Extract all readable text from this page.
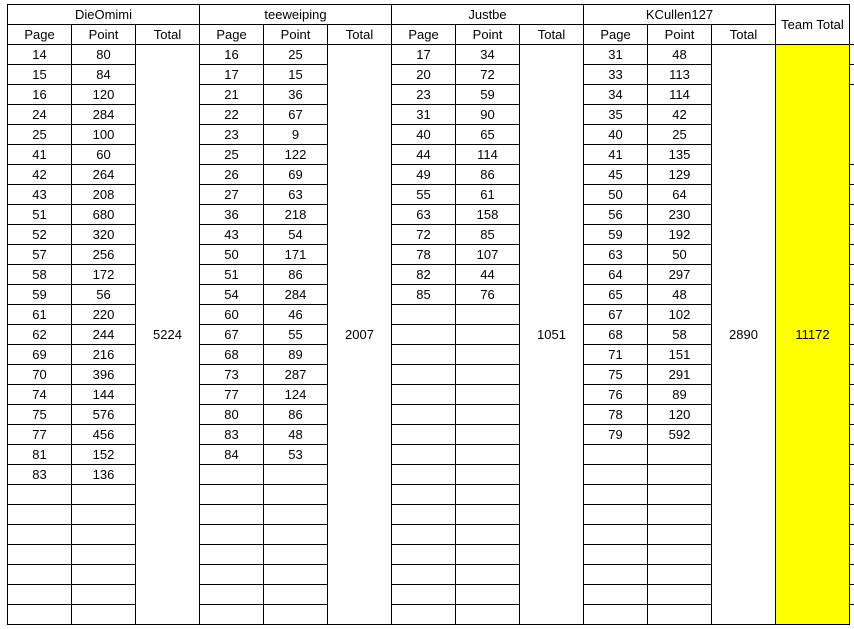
DieOmimi			teeweiping			Justbe			KCullen127			Team Total
Page	Point	Total	Page	Point	Total	Page	Point	Total	Page	Point	Total	
14	80	5224	16	25	2007	17	34	1051	31	48	2890	11172
15	84		17	15		20	72		33	113		
16	120		21	36		23	59		34	114		
24	284		22	67		31	90		35	42		
25	100		23	9		40	65		40	25		
41	60		25	122		44	114		41	135		
42	264		26	69		49	86		45	129		
43	208		27	63		55	61		50	64		
51	680		36	218		63	158		56	230		
52	320		43	54		72	85		59	192		
57	256		50	171		78	107		63	50		
58	172		51	86		82	44		64	297		
59	56		54	284		85	76		65	48		
61	220		60	46					67	102		
62	244		67	55					68	58		
69	216		68	89					71	151		
70	396		73	287					75	291		
74	144		77	124					76	89		
75	576		80	86					78	120		
77	456		83	48					79	592		
81	152		84	53								
83	136											
